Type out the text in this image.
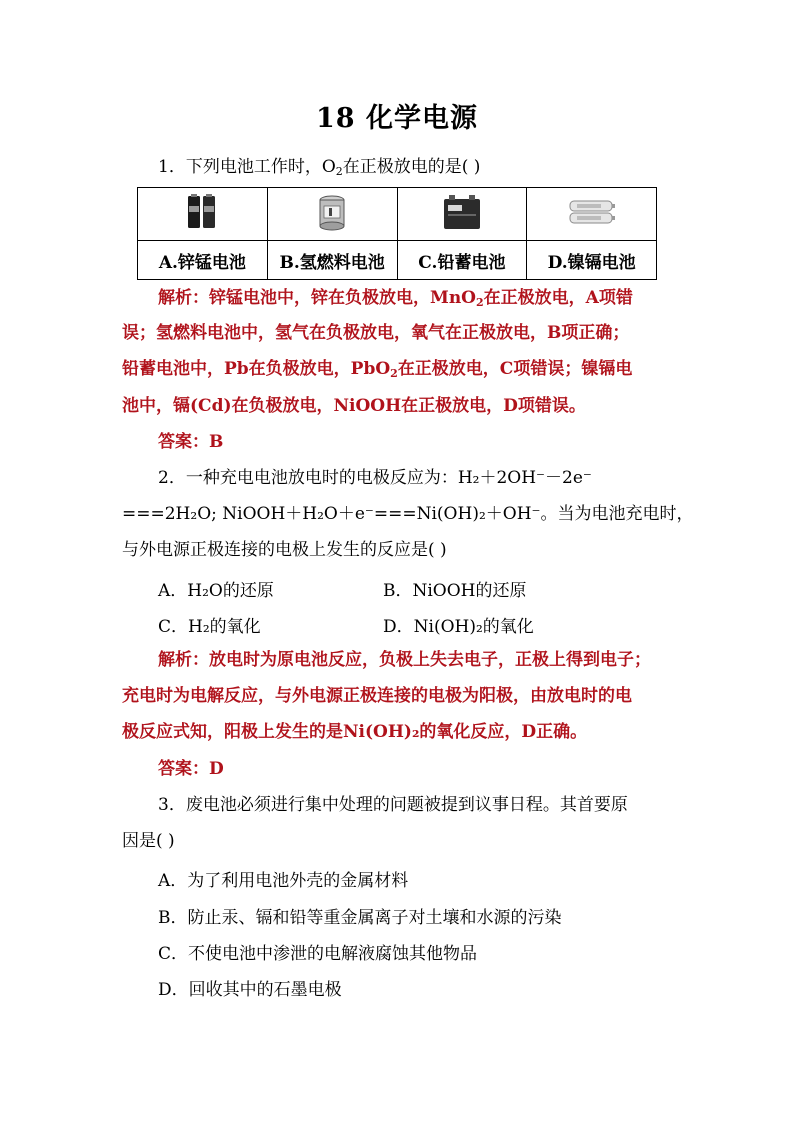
18 化学电源
1．下列电池工作时，$O_2$在正极放电的是( )

A.锌锰电池	B.氢燃料电池	C.铅蓄电池	D.镍镉电池
解析：锌锰电池中，锌在负极放电，MnO$_2$在正极放电，A项错
误；氢燃料电池中，氢气在负极放电，氧气在正极放电，B项正确；
铅蓄电池中，Pb在负极放电，PbO$_2$在正极放电，C项错误；镍镉电
池中，镉(Cd)在负极放电，NiOOH在正极放电，D项错误。
答案：B
2．一种充电电池放电时的电极反应为：H₂＋2OH⁻－2e⁻
===2H₂O; NiOOH＋H₂O＋e⁻===Ni(OH)₂＋OH⁻。当为电池充电时，
与外电源正极连接的电极上发生的反应是( )
A．H₂O的还原	B．NiOOH的还原
C．H₂的氧化	D．Ni(OH)₂的氧化
解析：放电时为原电池反应，负极上失去电子，正极上得到电子；
充电时为电解反应，与外电源正极连接的电极为阳极，由放电时的电
极反应式知，阳极上发生的是Ni(OH)₂的氧化反应，D正确。
答案：D
3．废电池必须进行集中处理的问题被提到议事日程。其首要原
因是( )
A．为了利用电池外壳的金属材料
B．防止汞、镉和铅等重金属离子对土壤和水源的污染
C．不使电池中渗泄的电解液腐蚀其他物品
D．回收其中的石墨电极
